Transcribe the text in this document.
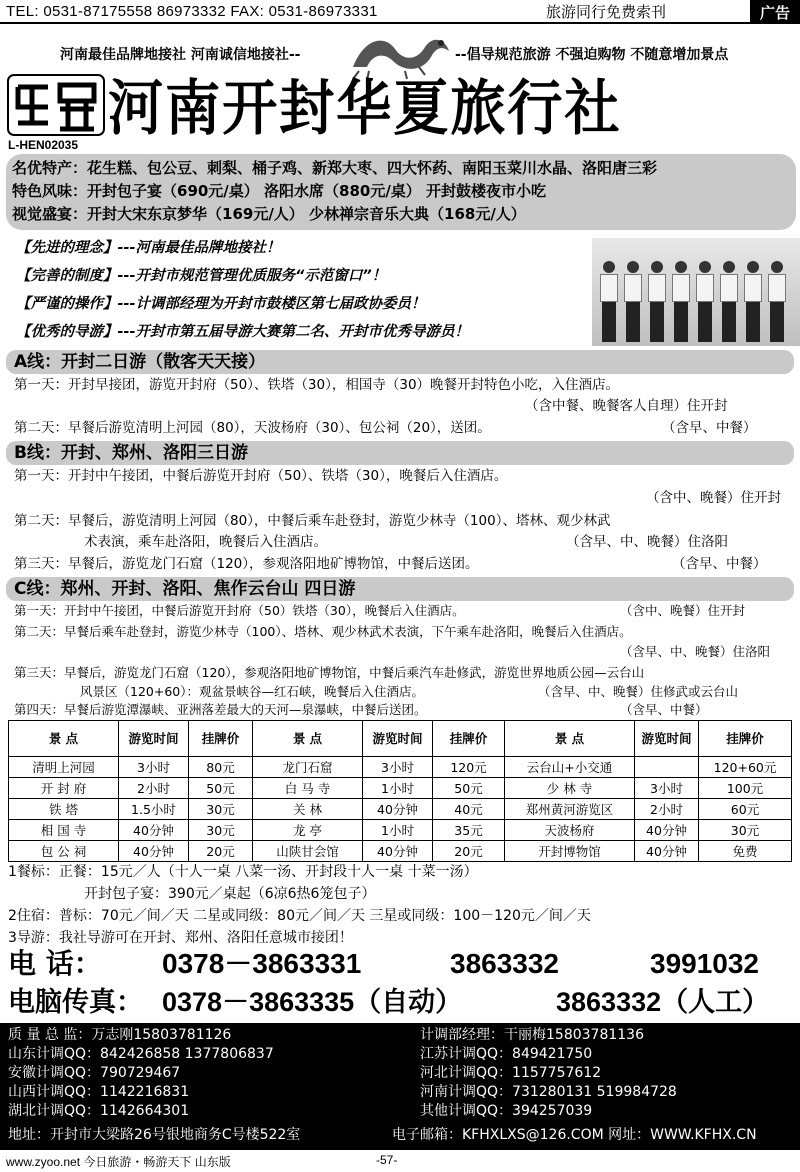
TEL: 0531-87175558 86973332 FAX: 0531-86973331	旅游同行免费索刊	广告
河南最佳品牌地接社 河南诚信地接社--	--倡导规范旅游 不强迫购物 不随意增加景点
L-HEN02035
河南开封华夏旅行社
名优特产：花生糕、包公豆、刺梨、桶子鸡、新郑大枣、四大怀药、南阳玉菜川水晶、洛阳唐三彩
特色风味：开封包子宴（690元/桌） 洛阳水席（880元/桌） 开封鼓楼夜市小吃
视觉盛宴：开封大宋东京梦华（169元/人） 少林禅宗音乐大典（168元/人）
【先进的理念】---河南最佳品牌地接社！
【完善的制度】---开封市规范管理优质服务“示范窗口”！
【严谨的操作】---计调部经理为开封市鼓楼区第七届政协委员！
【优秀的导游】---开封市第五届导游大赛第二名、开封市优秀导游员！
A线：开封二日游（散客天天接）
第一天：开封早接团，游览开封府（50）、铁塔（30），相国寺（30）晚餐开封特色小吃，入住酒店。
（含中餐、晚餐客人自理）住开封
第二天：早餐后游览清明上河园（80），天波杨府（30）、包公祠（20），送团。	（含早、中餐）
B线：开封、郑州、洛阳三日游
第一天：开封中午接团，中餐后游览开封府（50）、铁塔（30），晚餐后入住酒店。
（含中、晚餐）住开封
第二天：早餐后，游览清明上河园（80），中餐后乘车赴登封，游览少林寺（100）、塔林、观少林武
术表演，乘车赴洛阳，晚餐后入住酒店。	（含早、中、晚餐）住洛阳
第三天：早餐后，游览龙门石窟（120），参观洛阳地矿博物馆，中餐后送团。	（含早、中餐）
C线：郑州、开封、洛阳、焦作云台山 四日游
第一天：开封中午接团，中餐后游览开封府（50）铁塔（30），晚餐后入住酒店。	（含中、晚餐）住开封
第二天：早餐后乘车赴登封，游览少林寺（100）、塔林、观少林武术表演，下午乘车赴洛阳，晚餐后入住酒店。
（含早、中、晚餐）住洛阳
第三天：早餐后，游览龙门石窟（120），参观洛阳地矿博物馆，中餐后乘汽车赴修武，游览世界地质公园—云台山
风景区（120+60）：观盆景峡谷—红石峡，晚餐后入住酒店。	（含早、中、晚餐）住修武或云台山
第四天：早餐后游览潭瀑峡、亚洲落差最大的天河—泉瀑峡，中餐后送团。	（含早、中餐）
景 点	游览时间	挂牌价	景 点	游览时间	挂牌价	景 点	游览时间	挂牌价
清明上河园	3小时	80元	龙门石窟	3小时	120元	云台山+小交通		120+60元
开 封 府	2小时	50元	白 马 寺	1小时	50元	少 林 寺	3小时	100元
铁 塔	1.5小时	30元	关 林	40分钟	40元	郑州黄河游览区	2小时	60元
相 国 寺	40分钟	30元	龙 亭	1小时	35元	天波杨府	40分钟	30元
包 公 祠	40分钟	20元	山陕甘会馆	40分钟	20元	开封博物馆	40分钟	免费
1餐标：正餐：15元／人（十人一桌 八菜一汤、开封段十人一桌 十菜一汤）
开封包子宴：390元／桌起（6凉6热6笼包子）
2住宿：普标：70元／间／天 二星或同级：80元／间／天 三星或同级：100－120元／间／天
3导游：我社导游可在开封、郑州、洛阳任意城市接团！
电 话： 0378－3863331	3863332	3991032
电脑传真： 0378－3863335（自动）	3863332（人工）
质 量 总 监：万志刚15803781126
山东计调QQ：842426858 1377806837
安徽计调QQ：790729467
山西计调QQ：1142216831
湖北计调QQ：1142664301
计调部经理：干丽梅15803781136
江苏计调QQ：849421750
河北计调QQ：1157757612
河南计调QQ：731280131 519984728
其他计调QQ：394257039
地址：开封市大梁路26号银地商务C号楼522室	电子邮箱：KFHXLXS@126.COM 网址：WWW.KFHX.CN
www.zyoo.net 今日旅游・畅游天下 山东版	-57-
